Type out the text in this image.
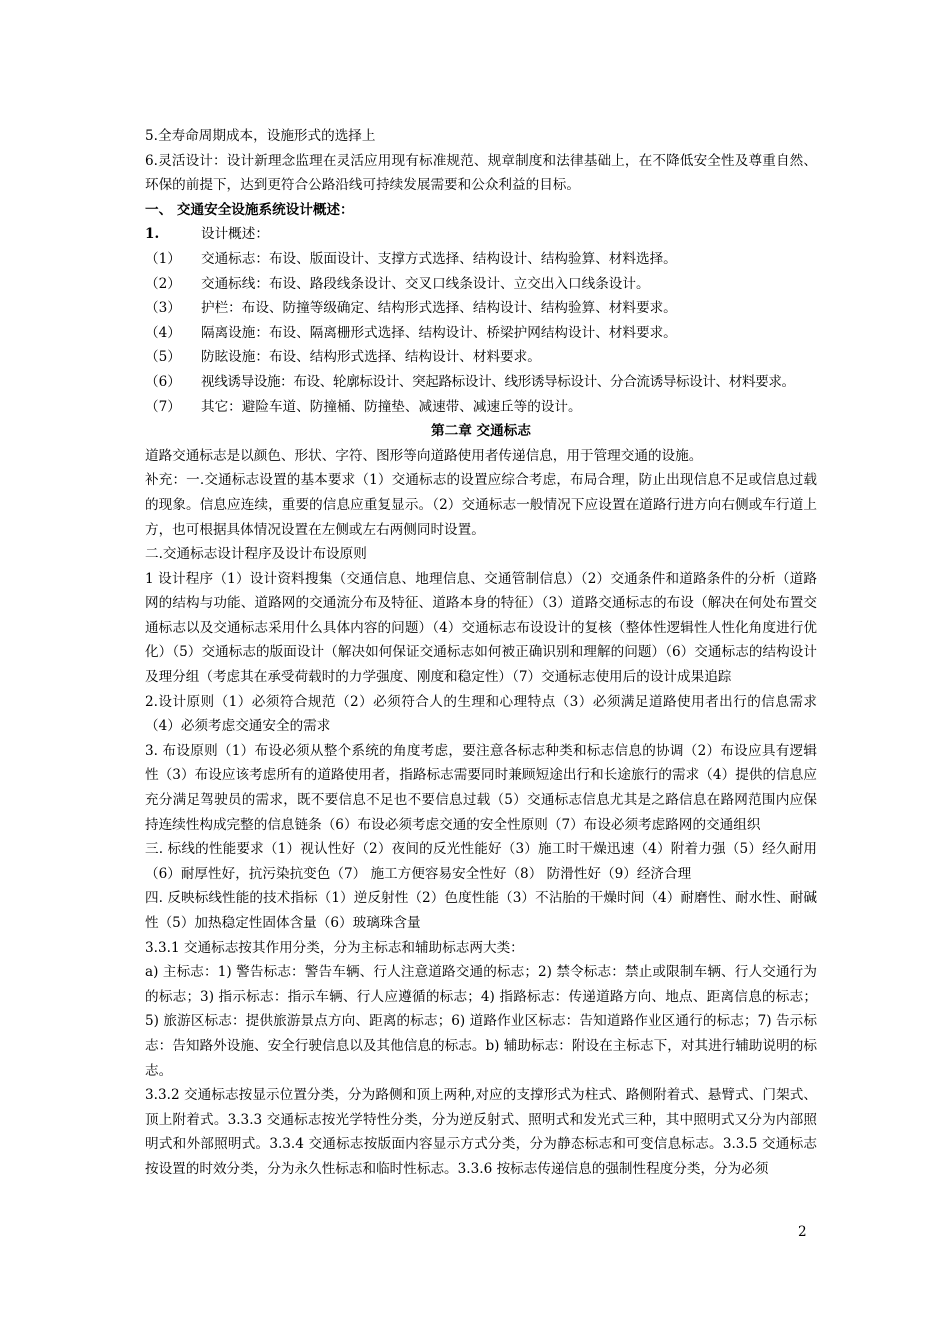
5.全寿命周期成本，设施形式的选择上

6.灵活设计：设计新理念监理在灵活应用现有标准规范、规章制度和法律基础上，在不降低安全性及尊重自然、环保的前提下，达到更符合公路沿线可持续发展需要和公众利益的目标。

一、 交通安全设施系统设计概述：

1.	设计概述：
（1）	交通标志：布设、版面设计、支撑方式选择、结构设计、结构验算、材料选择。
（2）	交通标线：布设、路段线条设计、交叉口线条设计、立交出入口线条设计。
（3）	护栏：布设、防撞等级确定、结构形式选择、结构设计、结构验算、材料要求。
（4）	隔离设施：布设、隔离栅形式选择、结构设计、桥梁护网结构设计、材料要求。
（5）	防眩设施：布设、结构形式选择、结构设计、材料要求。
（6）	视线诱导设施：布设、轮廓标设计、突起路标设计、线形诱导标设计、分合流诱导标设计、材料要求。
（7）	其它：避险车道、防撞桶、防撞垫、减速带、减速丘等的设计。

第二章 交通标志

道路交通标志是以颜色、形状、字符、图形等向道路使用者传递信息，用于管理交通的设施。

补充：一.交通标志设置的基本要求（1）交通标志的设置应综合考虑，布局合理，防止出现信息不足或信息过载的现象。信息应连续，重要的信息应重复显示。（2）交通标志一般情况下应设置在道路行进方向右侧或车行道上方，也可根据具体情况设置在左侧或左右两侧同时设置。

二.交通标志设计程序及设计布设原则

1 设计程序（1）设计资料搜集（交通信息、地理信息、交通管制信息）（2）交通条件和道路条件的分析（道路网的结构与功能、道路网的交通流分布及特征、道路本身的特征）（3）道路交通标志的布设（解决在何处布置交通标志以及交通标志采用什么具体内容的问题）（4）交通标志布设设计的复核（整体性逻辑性人性化角度进行优化）（5）交通标志的版面设计（解决如何保证交通标志如何被正确识别和理解的问题）（6）交通标志的结构设计及理分组（考虑其在承受荷载时的力学强度、刚度和稳定性）（7）交通标志使用后的设计成果追踪

2.设计原则（1）必须符合规范（2）必须符合人的生理和心理特点（3）必须满足道路使用者出行的信息需求（4）必须考虑交通安全的需求

3. 布设原则（1）布设必须从整个系统的角度考虑，要注意各标志种类和标志信息的协调（2）布设应具有逻辑性（3）布设应该考虑所有的道路使用者，指路标志需要同时兼顾短途出行和长途旅行的需求（4）提供的信息应充分满足驾驶员的需求，既不要信息不足也不要信息过载（5）交通标志信息尤其是之路信息在路网范围内应保持连续性构成完整的信息链条（6）布设必须考虑交通的安全性原则（7）布设必须考虑路网的交通组织

三. 标线的性能要求（1）视认性好（2）夜间的反光性能好（3）施工时干燥迅速（4）附着力强（5）经久耐用（6）耐厚性好，抗污染抗变色（7） 施工方便容易安全性好（8） 防滑性好（9）经济合理

四. 反映标线性能的技术指标（1）逆反射性（2）色度性能（3）不沾胎的干燥时间（4）耐磨性、耐水性、耐碱性（5）加热稳定性固体含量（6）玻璃珠含量

3.3.1 交通标志按其作用分类，分为主标志和辅助标志两大类：

a) 主标志：1) 警告标志：警告车辆、行人注意道路交通的标志；2) 禁令标志：禁止或限制车辆、行人交通行为的标志；3) 指示标志：指示车辆、行人应遵循的标志；4) 指路标志：传递道路方向、地点、距离信息的标志；5) 旅游区标志：提供旅游景点方向、距离的标志；6) 道路作业区标志：告知道路作业区通行的标志；7) 告示标志：告知路外设施、安全行驶信息以及其他信息的标志。b) 辅助标志：附设在主标志下，对其进行辅助说明的标志。

3.3.2 交通标志按显示位置分类，分为路侧和顶上两种,对应的支撑形式为柱式、路侧附着式、悬臂式、门架式、顶上附着式。3.3.3 交通标志按光学特性分类，分为逆反射式、照明式和发光式三种，其中照明式又分为内部照明式和外部照明式。3.3.4 交通标志按版面内容显示方式分类，分为静态标志和可变信息标志。3.3.5 交通标志按设置的时效分类，分为永久性标志和临时性标志。3.3.6 按标志传递信息的强制性程度分类，分为必须

2
